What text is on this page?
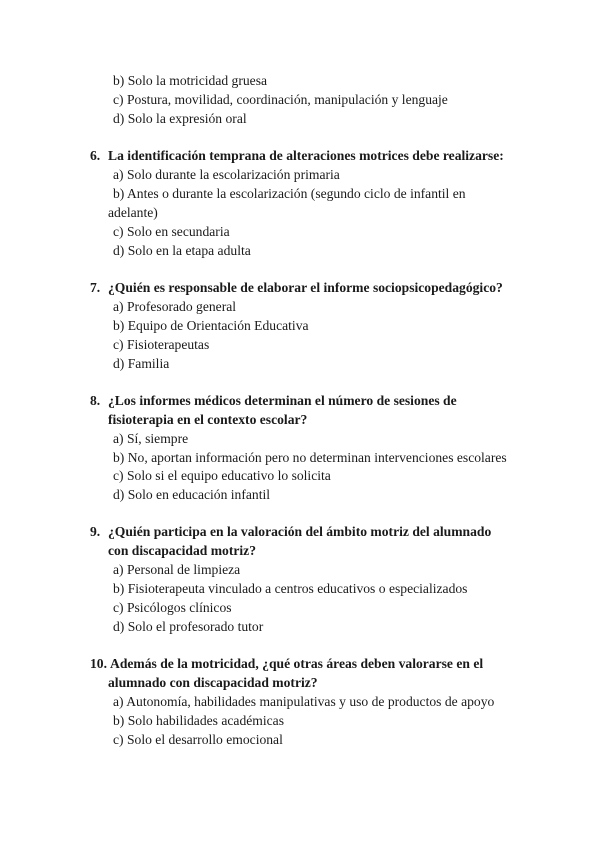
b) Solo la motricidad gruesa
c) Postura, movilidad, coordinación, manipulación y lenguaje
d) Solo la expresión oral
6. La identificación temprana de alteraciones motrices debe realizarse:
a) Solo durante la escolarización primaria
b) Antes o durante la escolarización (segundo ciclo de infantil en
adelante)
c) Solo en secundaria
d) Solo en la etapa adulta
7. ¿Quién es responsable de elaborar el informe sociopsicopedagógico?
a) Profesorado general
b) Equipo de Orientación Educativa
c) Fisioterapeutas
d) Familia
8. ¿Los informes médicos determinan el número de sesiones de
fisioterapia en el contexto escolar?
a) Sí, siempre
b) No, aportan información pero no determinan intervenciones escolares
c) Solo si el equipo educativo lo solicita
d) Solo en educación infantil
9. ¿Quién participa en la valoración del ámbito motriz del alumnado
con discapacidad motriz?
a) Personal de limpieza
b) Fisioterapeuta vinculado a centros educativos o especializados
c) Psicólogos clínicos
d) Solo el profesorado tutor
10. Además de la motricidad, ¿qué otras áreas deben valorarse en el
alumnado con discapacidad motriz?
a) Autonomía, habilidades manipulativas y uso de productos de apoyo
b) Solo habilidades académicas
c) Solo el desarrollo emocional
